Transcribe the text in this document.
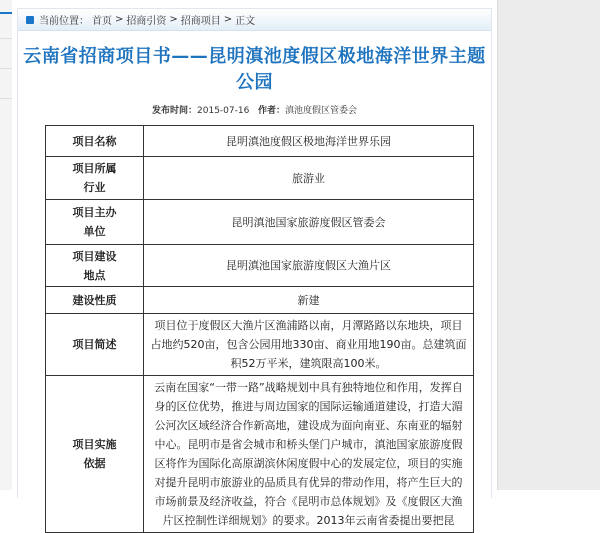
当前位置： 首页 > 招商引资 > 招商项目 > 正文
云南省招商项目书——昆明滇池度假区极地海洋世界主题公园
发布时间：2015-07-16 作者：滇池度假区管委会
项目名称	昆明滇池度假区极地海洋世界乐园
项目所属行业	旅游业
项目主办单位	昆明滇池国家旅游度假区管委会
项目建设地点	昆明滇池国家旅游度假区大渔片区
建设性质	新建
项目简述	项目位于度假区大渔片区渔浦路以南，月潭路路以东地块，项目占地约520亩，包含公园用地330亩、商业用地190亩。总建筑面积52万平米，建筑限高100米。
项目实施依据	云南在国家“一带一路”战略规划中具有独特地位和作用，发挥自身的区位优势，推进与周边国家的国际运输通道建设，打造大湄公河次区域经济合作新高地，建设成为面向南亚、东南亚的辐射中心。昆明市是省会城市和桥头堡门户城市，滇池国家旅游度假区将作为国际化高原湖滨休闲度假中心的发展定位，项目的实施对提升昆明市旅游业的品质具有优异的带动作用，将产生巨大的市场前景及经济收益，符合《昆明市总体规划》及《度假区大渔片区控制性详细规划》的要求。2013年云南省委提出要把昆
